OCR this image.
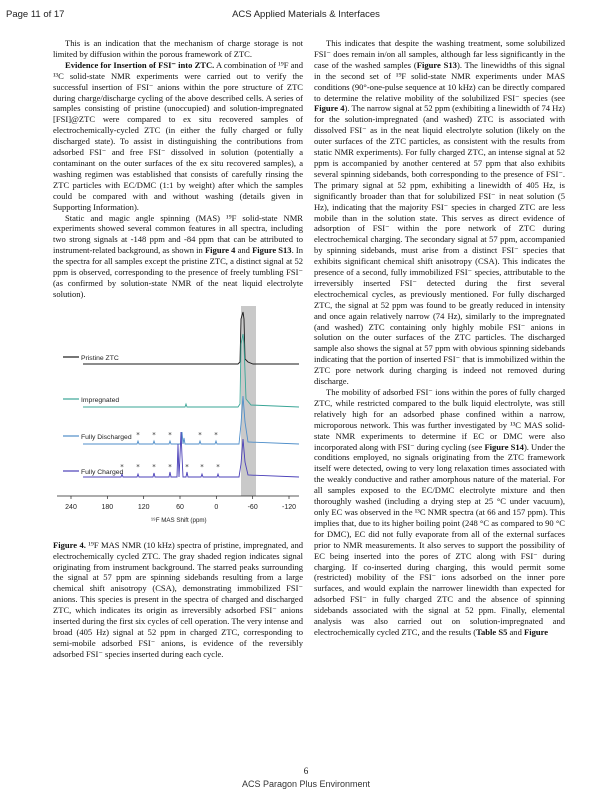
ACS Applied Materials & Interfaces
Page 11 of 17

This is an indication that the mechanism of charge storage is not limited by diffusion within the porous framework of ZTC.

Evidence for Insertion of FSI⁻ into ZTC. A combination of ¹⁹F and ¹³C solid-state NMR experiments were carried out to verify the successful insertion of FSI⁻ anions within the pore structure of ZTC during charge/discharge cycling of the above described cells. A series of samples consisting of pristine (unoccupied) and solution-impregnated [FSI]@ZTC were compared to ex situ recovered samples of electrochemically-cycled ZTC (in either the fully charged or fully discharged state). To assist in distinguishing the contributions from adsorbed FSI⁻ and free FSI⁻ dissolved in solution (potentially a contaminant on the outer surfaces of the ex situ recovered samples), a washing regimen was established that consists of carefully rinsing the ZTC particles with EC/DMC (1:1 by weight) after which the samples could be compared with and without washing (details given in Supporting Information).

Static and magic angle spinning (MAS) ¹⁹F solid-state NMR experiments showed several common features in all spectra, including two strong signals at -148 ppm and -84 ppm that can be attributed to instrument-related background, as shown in Figure 4 and Figure S13. In the spectra for all samples except the pristine ZTC, a distinct signal at 52 ppm is observed, corresponding to the presence of freely tumbling FSI⁻ (as confirmed by solution-state NMR of the neat liquid electrolyte solution).

240	180	120	60	0	-60	-120
Pristine ZTC
Impregnated
Fully Discharged
Fully Charged
* * *	* *
* * * * * * *
¹⁹F MAS Shift (ppm)

Figure 4. ¹⁹F MAS NMR (10 kHz) spectra of pristine, impregnated, and electrochemically cycled ZTC. The gray shaded region indicates signal originating from instrument background. The starred peaks surrounding the signal at 57 ppm are spinning sidebands resulting from a large chemical shift anisotropy (CSA), demonstrating immobilized FSI⁻ anions. This species is present in the spectra of charged and discharged ZTC, which indicates its origin as irreversibly adsorbed FSI⁻ anions inserted during the first six cycles of cell operation. The very intense and broad (405 Hz) signal at 52 ppm in charged ZTC, corresponding to semi-mobile adsorbed FSI⁻ anions, is evidence of the reversibly adsorbed FSI⁻ species inserted during each cycle.

This indicates that despite the washing treatment, some solubilized FSI⁻ does remain in/on all samples, although far less significantly in the case of the washed samples (Figure S13). The linewidths of this signal in the second set of ¹⁹F solid-state NMR experiments under MAS conditions (90°-one-pulse sequence at 10 kHz) can be directly compared to determine the relative mobility of the solubilized FSI⁻ species (see Figure 4). The narrow signal at 52 ppm (exhibiting a linewidth of 74 Hz) for the solution-impregnated (and washed) ZTC is associated with dissolved FSI⁻ as in the neat liquid electrolyte solution (likely on the outer surfaces of the ZTC particles, as consistent with the results from static NMR experiments). For fully charged ZTC, an intense signal at 52 ppm is accompanied by another centered at 57 ppm that also exhibits several spinning sidebands, both corresponding to the presence of FSI⁻. The primary signal at 52 ppm, exhibiting a linewidth of 405 Hz, is significantly broader than that for solubilized FSI⁻ in neat solution (5 Hz), indicating that the majority FSI⁻ species in charged ZTC are less mobile than in the solution state. This serves as direct evidence of adsorption of FSI⁻ within the pore network of ZTC during electrochemical charging. The secondary signal at 57 ppm, accompanied by spinning sidebands, must arise from a distinct FSI⁻ species that exhibits significant chemical shift anisotropy (CSA). This indicates the presence of a second, fully immobilized FSI⁻ species, attributable to the irreversibly inserted FSI⁻ detected during the first several electrochemical cycles, as previously mentioned. For fully discharged ZTC, the signal at 52 ppm was found to be greatly reduced in intensity and once again relatively narrow (74 Hz), similarly to the impregnated (and washed) ZTC containing only highly mobile FSI⁻ anions in solution on the outer surfaces of the ZTC particles. The discharged sample also shows the signal at 57 ppm with obvious spinning sidebands indicating that the portion of inserted FSI⁻ that is immobilized within the ZTC pore network during charging is indeed not removed during discharge.

The mobility of adsorbed FSI⁻ ions within the pores of fully charged ZTC, while restricted compared to the bulk liquid electrolyte, was still relatively high for an adsorbed phase confined within a narrow, microporous network. This was further investigated by ¹³C MAS solid-state NMR experiments to determine if EC or DMC were also incorporated along with FSI⁻ during cycling (see Figure S14). Under the conditions employed, no signals originating from the ZTC framework itself were detected, owing to very long relaxation times associated with the weakly conductive and rather amorphous nature of the material. For all samples exposed to the EC/DMC electrolyte mixture and then thoroughly washed (including a drying step at 25 °C under vacuum), only EC was observed in the ¹³C NMR spectra (at 66 and 157 ppm). This implies that, due to its higher boiling point (248 °C as compared to 90 °C for DMC), EC did not fully evaporate from all of the external surfaces prior to NMR measurements. It also serves to support the possibility of EC being inserted into the pores of ZTC along with FSI⁻ during charging. If co-inserted during charging, this would permit some (restricted) mobility of the FSI⁻ ions adsorbed on the inner pore surfaces, and would explain the narrower linewidth than expected for adsorbed FSI⁻ in fully charged ZTC and the absence of spinning sidebands associated with the signal at 52 ppm. Finally, elemental analysis was also carried out on solution-impregnated and electrochemically cycled ZTC, and the results (Table S5 and Figure

6
ACS Paragon Plus Environment
